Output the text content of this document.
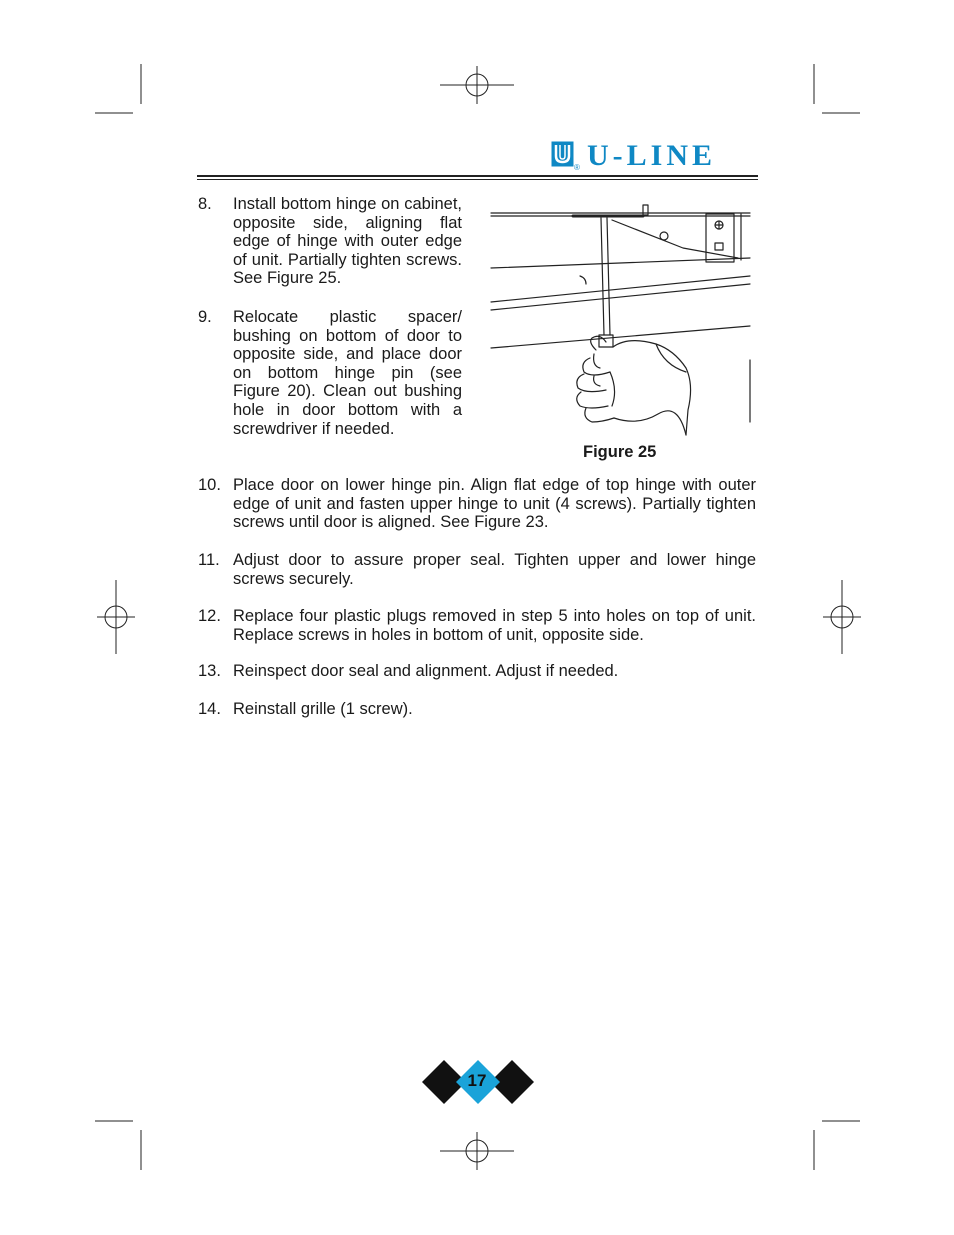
® U-LINE
8. Install bottom hinge on cabinet, opposite side, aligning flat edge of hinge with outer edge of unit. Partially tighten screws. See Figure 25.
9. Relocate plastic spacer/ bushing on bottom of door to opposite side, and place door on bottom hinge pin (see Figure 20). Clean out bushing hole in door bottom with a screwdriver if needed.
Figure 25
10. Place door on lower hinge pin. Align flat edge of top hinge with outer edge of unit and fasten upper hinge to unit (4 screws). Partially tighten screws until door is aligned. See Figure 23.
11. Adjust door to assure proper seal. Tighten upper and lower hinge screws securely.
12. Replace four plastic plugs removed in step 5 into holes on top of unit. Replace screws in holes in bottom of unit, opposite side.
13. Reinspect door seal and alignment. Adjust if needed.
14. Reinstall grille (1 screw).
17
